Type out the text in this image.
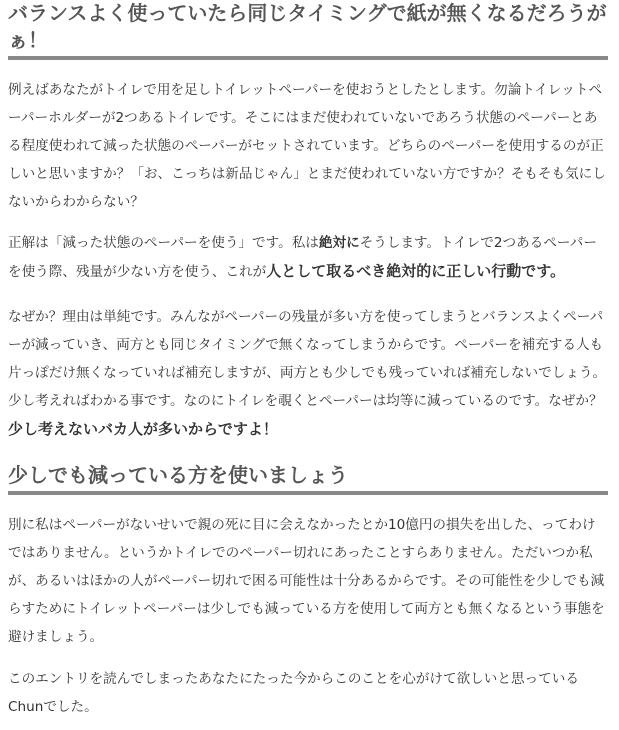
バランスよく使っていたら同じタイミングで紙が無くなるだろうがぁ！

例えばあなたがトイレで用を足しトイレットペーパーを使おうとしたとします。勿論トイレットペーパーホルダーが2つあるトイレです。そこにはまだ使われていないであろう状態のペーパーとある程度使われて減った状態のペーパーがセットされています。どちらのペーパーを使用するのが正しいと思いますか？「お、こっちは新品じゃん」とまだ使われていない方ですか？そもそも気にしないからわからない？

正解は「減った状態のペーパーを使う」です。私は絶対にそうします。トイレで2つあるペーパーを使う際、残量が少ない方を使う、これが人として取るべき絶対的に正しい行動です。

なぜか？理由は単純です。みんながペーパーの残量が多い方を使ってしまうとバランスよくペーパーが減っていき、両方とも同じタイミングで無くなってしまうからです。ペーパーを補充する人も片っぽだけ無くなっていれば補充しますが、両方とも少しでも残っていれば補充しないでしょう。少し考えればわかる事です。なのにトイレを覗くとペーパーは均等に減っているのです。なぜか？少し考えないバカ人が多いからですよ！

少しでも減っている方を使いましょう

別に私はペーパーがないせいで親の死に目に会えなかったとか10億円の損失を出した、ってわけではありません。というかトイレでのペーパー切れにあったことすらありません。ただいつか私が、あるいはほかの人がペーパー切れで困る可能性は十分あるからです。その可能性を少しでも減らすためにトイレットペーパーは少しでも減っている方を使用して両方とも無くなるという事態を避けましょう。

このエントリを読んでしまったあなたにたった今からこのことを心がけて欲しいと思っているChunでした。
